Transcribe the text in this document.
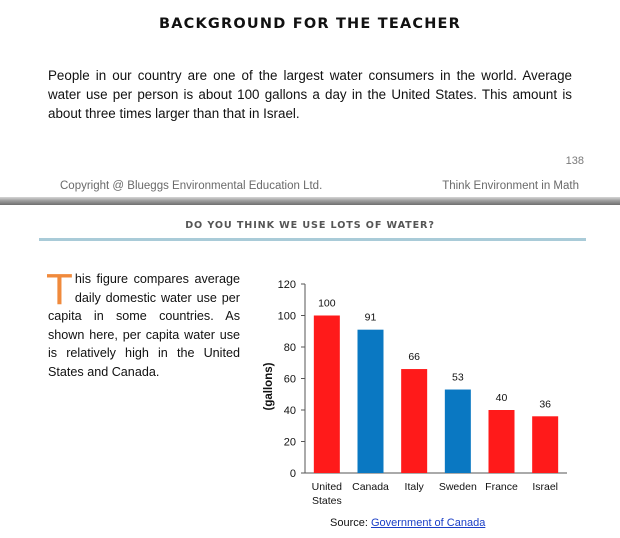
BACKGROUND FOR THE TEACHER
People in our country are one of the largest water consumers in the world. Average water use per person is about 100 gallons a day in the United States. This amount is about three times larger than that in Israel.
138
Copyright @ Blueggs Environmental Education Ltd.	Think Environment in Math
DO YOU THINK WE USE LOTS OF WATER?
This figure compares average daily domestic water use per capita in some countries. As shown here, per capita water use is relatively high in the United States and Canada.
0
20
40
60
80
100
120
(gallons)
100
United
States
91
Canada
66
Italy
53
Sweden
40
France
36
Israel
Source: Government of Canada
